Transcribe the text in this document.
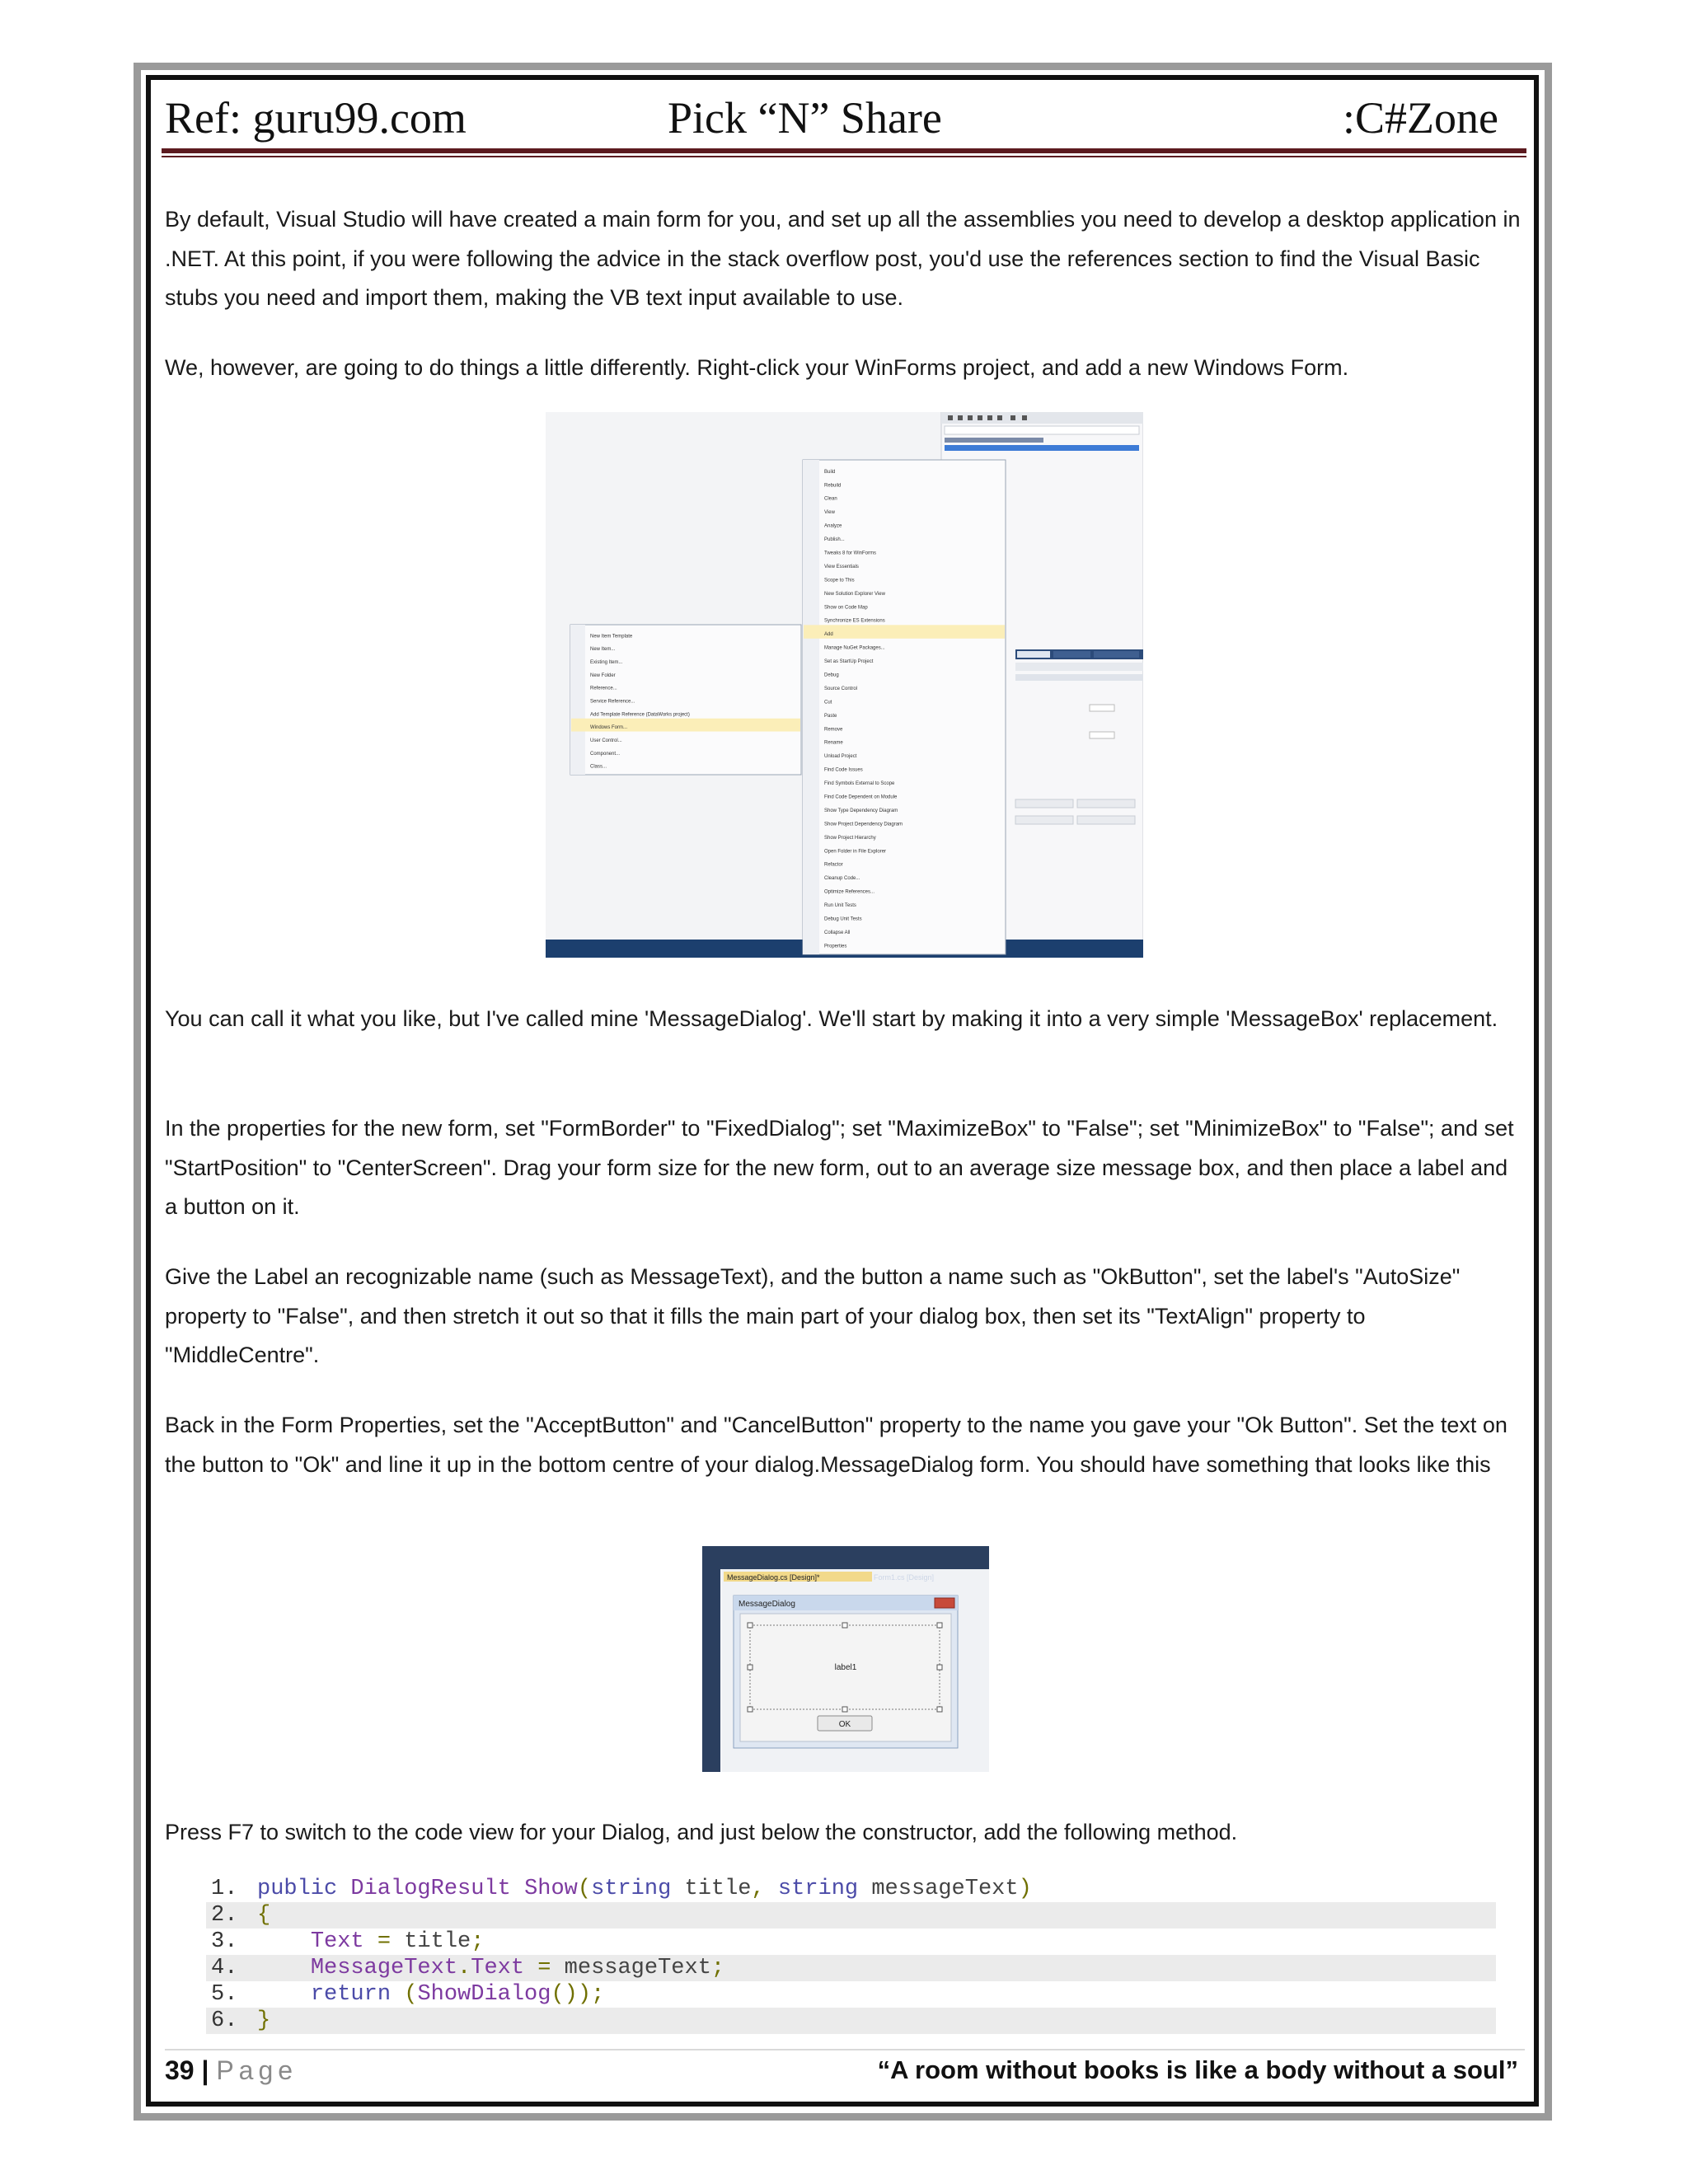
Ref: guru99.com	Pick “N” Share	:C#Zone
By default, Visual Studio will have created a main form for you, and set up all the assemblies you need to develop a desktop application in .NET. At this point, if you were following the advice in the stack overflow post, you'd use the references section to find the Visual Basic stubs you need and import them, making the VB text input available to use.
We, however, are going to do things a little differently. Right-click your WinForms project, and add a new Windows Form.
Build
Rebuild
Clean
View
Analyze
Publish...
Tweaks 8 for WinForms
View Essentials
Scope to This
New Solution Explorer View
Show on Code Map
Synchronize ES Extensions
Add
Manage NuGet Packages...
Set as StartUp Project
Debug
Source Control
Cut
Paste
Remove
Rename
Unload Project
Find Code Issues
Find Symbols External to Scope
Find Code Dependent on Module
Show Type Dependency Diagram
Show Project Dependency Diagram
Show Project Hierarchy
Open Folder in File Explorer
Refactor
Cleanup Code...
Optimize References...
Run Unit Tests
Debug Unit Tests
Collapse All
Properties
New Item Template
New Item...
Existing Item...
New Folder
Reference...
Service Reference...
Add Template Reference (DataWorks project)
Windows Form...
User Control...
Component...
Class...
You can call it what you like, but I've called mine 'MessageDialog'. We'll start by making it into a very simple 'MessageBox' replacement.
In the properties for the new form, set "FormBorder" to "FixedDialog"; set "MaximizeBox" to "False"; set "MinimizeBox" to "False"; and set "StartPosition" to "CenterScreen". Drag your form size for the new form, out to an average size message box, and then place a label and a button on it.
Give the Label an recognizable name (such as MessageText), and the button a name such as "OkButton", set the label's "AutoSize" property to "False", and then stretch it out so that it fills the main part of your dialog box, then set its "TextAlign" property to "MiddleCentre".
Back in the Form Properties, set the "AcceptButton" and "CancelButton" property to the name you gave your "Ok Button". Set the text on the button to "Ok" and line it up in the bottom centre of your dialog.MessageDialog form. You should have something that looks like this
MessageDialog.cs [Design]*	Form1.cs [Design]
MessageDialog
label1
OK
Press F7 to switch to the code view for your Dialog, and just below the constructor, add the following method.
1. public DialogResult Show(string title, string messageText)
2. {
3.	Text = title;
4.	MessageText.Text = messageText;
5.	return (ShowDialog());
6. }
39 | Page	“A room without books is like a body without a soul”
